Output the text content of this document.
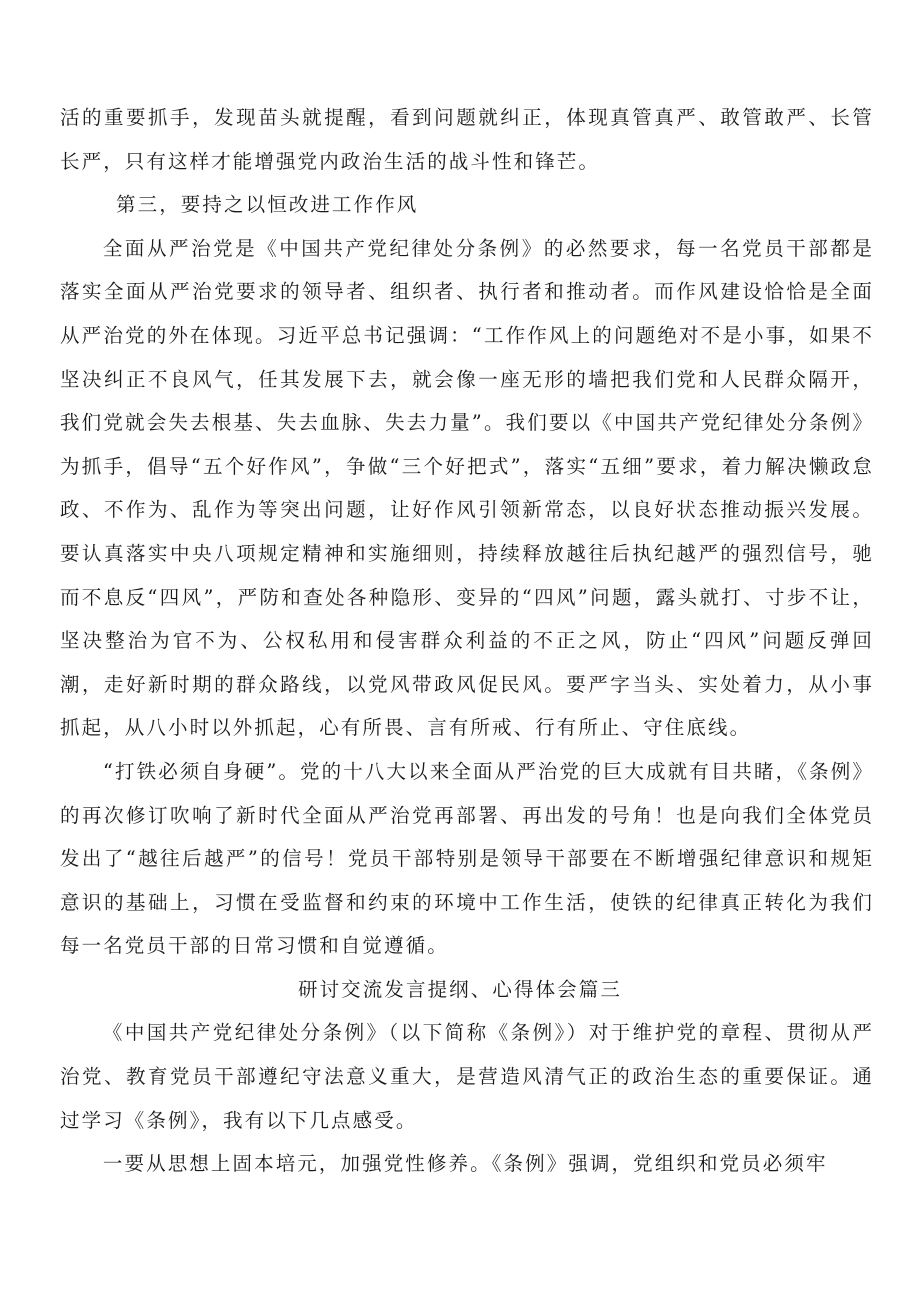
活的重要抓手，发现苗头就提醒，看到问题就纠正，体现真管真严、敢管敢严、长管长严，只有这样才能增强党内政治生活的战斗性和锋芒。

第三，要持之以恒改进工作作风

全面从严治党是《中国共产党纪律处分条例》的必然要求，每一名党员干部都是落实全面从严治党要求的领导者、组织者、执行者和推动者。而作风建设恰恰是全面从严治党的外在体现。习近平总书记强调：“工作作风上的问题绝对不是小事，如果不坚决纠正不良风气，任其发展下去，就会像一座无形的墙把我们党和人民群众隔开，我们党就会失去根基、失去血脉、失去力量”。我们要以《中国共产党纪律处分条例》为抓手，倡导“五个好作风”，争做“三个好把式”，落实“五细”要求，着力解决懒政怠政、不作为、乱作为等突出问题，让好作风引领新常态，以良好状态推动振兴发展。要认真落实中央八项规定精神和实施细则，持续释放越往后执纪越严的强烈信号，驰而不息反“四风”，严防和查处各种隐形、变异的“四风”问题，露头就打、寸步不让，坚决整治为官不为、公权私用和侵害群众利益的不正之风，防止“四风”问题反弹回潮，走好新时期的群众路线，以党风带政风促民风。要严字当头、实处着力，从小事抓起，从八小时以外抓起，心有所畏、言有所戒、行有所止、守住底线。

“打铁必须自身硬”。党的十八大以来全面从严治党的巨大成就有目共睹，《条例》的再次修订吹响了新时代全面从严治党再部署、再出发的号角！也是向我们全体党员发出了“越往后越严”的信号！党员干部特别是领导干部要在不断增强纪律意识和规矩意识的基础上，习惯在受监督和约束的环境中工作生活，使铁的纪律真正转化为我们每一名党员干部的日常习惯和自觉遵循。

研讨交流发言提纲、心得体会篇三

《中国共产党纪律处分条例》（以下简称《条例》）对于维护党的章程、贯彻从严治党、教育党员干部遵纪守法意义重大，是营造风清气正的政治生态的重要保证。通过学习《条例》，我有以下几点感受。

一要从思想上固本培元，加强党性修养。《条例》强调，党组织和党员必须牢
